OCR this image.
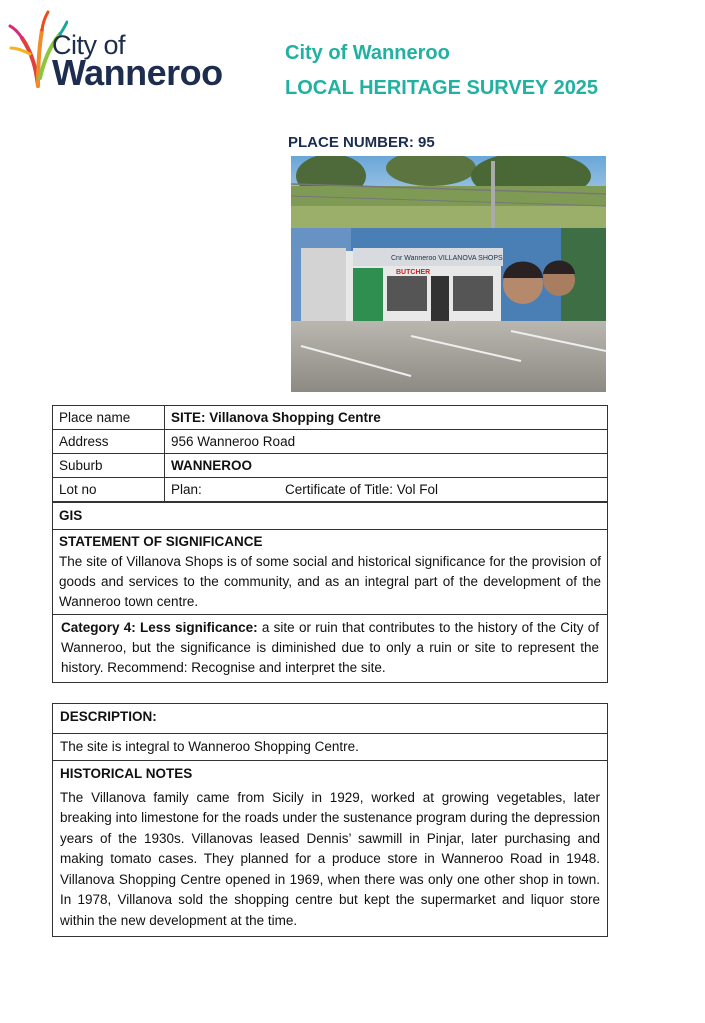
City of
Wanneroo	City of Wanneroo
LOCAL HERITAGE SURVEY 2025
PLACE NUMBER: 95
Cnr Wanneroo VILLANOVA SHOPS
BUTCHER
Place name	SITE: Villanova Shopping Centre
Address	956 Wanneroo Road
Suburb	WANNEROO
Lot no	Plan: Certificate of Title: Vol Fol
GIS
STATEMENT OF SIGNIFICANCE
The site of Villanova Shops is of some social and historical significance for the provision of goods and services to the community, and as an integral part of the development of the Wanneroo town centre.
Category 4: Less significance: a site or ruin that contributes to the history of the City of Wanneroo, but the significance is diminished due to only a ruin or site to represent the history. Recommend: Recognise and interpret the site.
DESCRIPTION:
The site is integral to Wanneroo Shopping Centre.
HISTORICAL NOTES
The Villanova family came from Sicily in 1929, worked at growing vegetables, later breaking into limestone for the roads under the sustenance program during the depression years of the 1930s. Villanovas leased Dennis’ sawmill in Pinjar, later purchasing and making tomato cases. They planned for a produce store in Wanneroo Road in 1948. Villanova Shopping Centre opened in 1969, when there was only one other shop in town. In 1978, Villanova sold the shopping centre but kept the supermarket and liquor store within the new development at the time.
